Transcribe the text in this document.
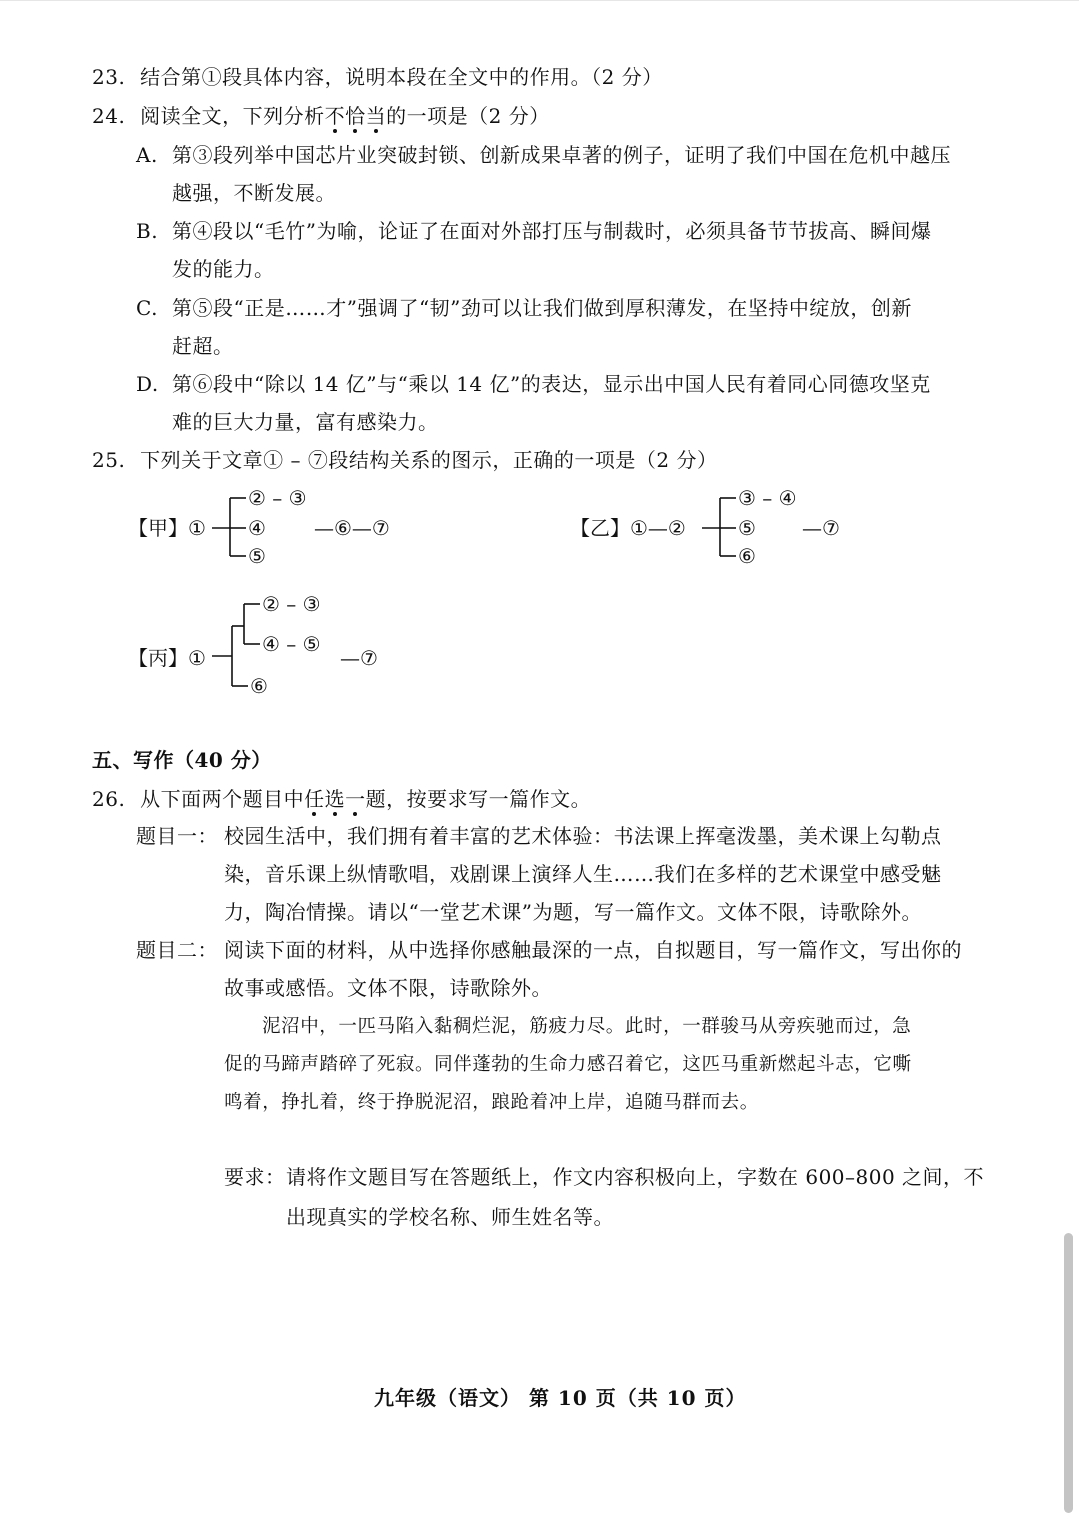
23. 结合第①段具体内容，说明本段在全文中的作用。（2 分）
24. 阅读全文，下列分析不恰当的一项是（2 分）
A. 第③段列举中国芯片业突破封锁、创新成果卓著的例子，证明了我们中国在危机中越压
越强，不断发展。
B. 第④段以“毛竹”为喻，论证了在面对外部打压与制裁时，必须具备节节拔高、瞬间爆
发的能力。
C. 第⑤段“正是……才”强调了“韧”劲可以让我们做到厚积薄发，在坚持中绽放，创新
赶超。
D. 第⑥段中“除以 14 亿”与“乘以 14 亿”的表达，显示出中国人民有着同心同德攻坚克
难的巨大力量，富有感染力。
25. 下列关于文章① – ⑦段结构关系的图示，正确的一项是（2 分）
【甲】 ①
② – ③
④
⑤
—⑥—⑦	【乙】 ①—②
③ – ④
⑤
⑥
—⑦
【丙】 ①
② – ③
④ – ⑤
⑥
—⑦
五、写作（40 分）
26. 从下面两个题目中任选一题，按要求写一篇作文。
题目一： 校园生活中，我们拥有着丰富的艺术体验：书法课上挥毫泼墨，美术课上勾勒点
染，音乐课上纵情歌唱，戏剧课上演绎人生……我们在多样的艺术课堂中感受魅
力，陶冶情操。请以“一堂艺术课”为题，写一篇作文。文体不限，诗歌除外。
题目二： 阅读下面的材料，从中选择你感触最深的一点，自拟题目，写一篇作文，写出你的
故事或感悟。文体不限，诗歌除外。
泥沼中，一匹马陷入黏稠烂泥，筋疲力尽。此时，一群骏马从旁疾驰而过，急
促的马蹄声踏碎了死寂。同伴蓬勃的生命力感召着它，这匹马重新燃起斗志，它嘶
鸣着，挣扎着，终于挣脱泥沼，踉跄着冲上岸，追随马群而去。
要求：请将作文题目写在答题纸上，作文内容积极向上，字数在 600–800 之间，不
出现真实的学校名称、师生姓名等。
九年级（语文） 第 10 页（共 10 页）
